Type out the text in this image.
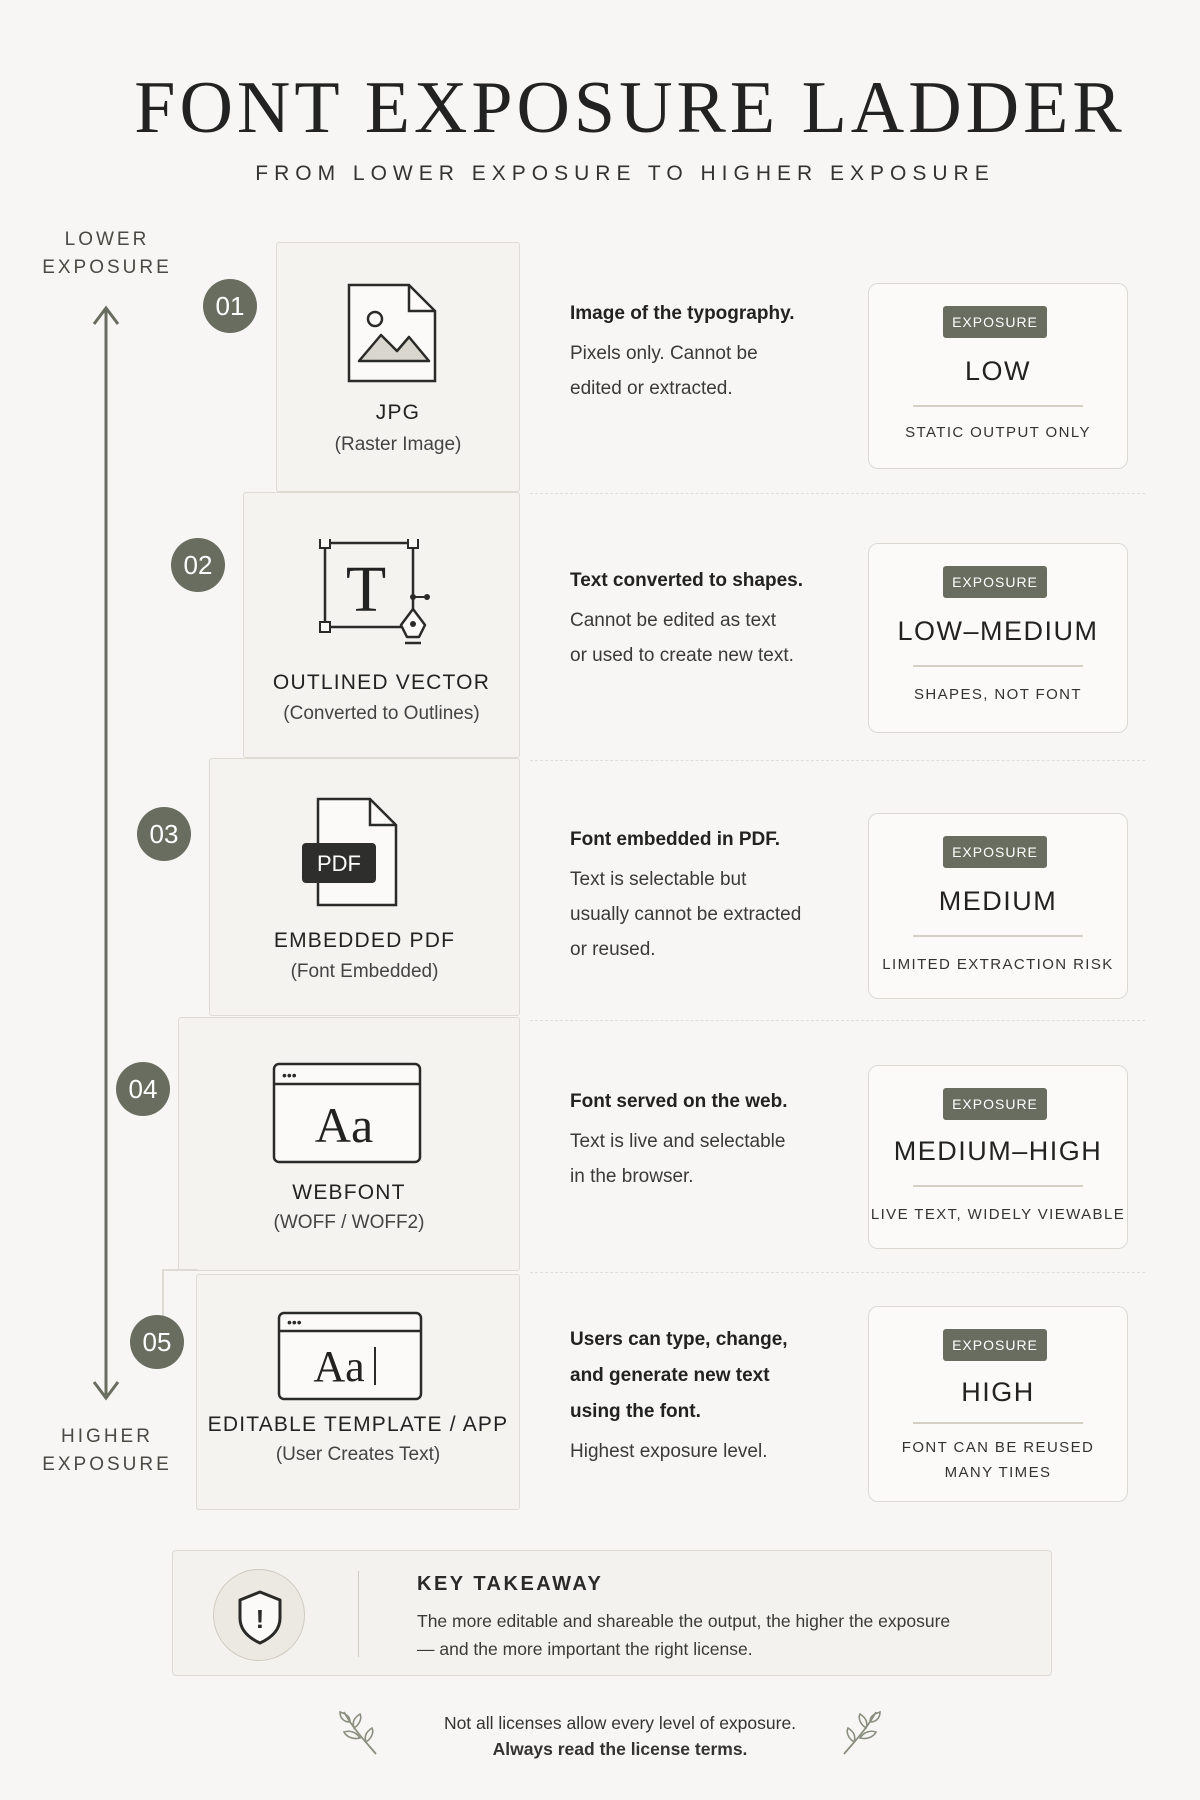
FONT EXPOSURE LADDER
FROM LOWER EXPOSURE TO HIGHER EXPOSURE
LOWER
EXPOSURE
HIGHER
EXPOSURE
JPG
(Raster Image)
01	Image of the typography.
Pixels only. Cannot be
edited or extracted.
EXPOSURE
LOW
STATIC OUTPUT ONLY
T
OUTLINED VECTOR
(Converted to Outlines)
02
Text converted to shapes.
Cannot be edited as text
or used to create new text.
EXPOSURE
LOW–MEDIUM
SHAPES, NOT FONT
PDF
EMBEDDED PDF
(Font Embedded)
03	Font embedded in PDF.
Text is selectable but
usually cannot be extracted
or reused.
EXPOSURE
MEDIUM
LIMITED EXTRACTION RISK
•••
Aa
WEBFONT
(WOFF / WOFF2)
04	Font served on the web.
Text is live and selectable
in the browser.
EXPOSURE
MEDIUM–HIGH
LIVE TEXT, WIDELY VIEWABLE
•••
Aa
EDITABLE TEMPLATE / APP
(User Creates Text)
05	Users can type, change,
and generate new text
using the font.
Highest exposure level.
EXPOSURE
HIGH
FONT CAN BE REUSED
MANY TIMES
!
KEY TAKEAWAY
The more editable and shareable the output, the higher the exposure
— and the more important the right license.
Not all licenses allow every level of exposure.
Always read the license terms.
